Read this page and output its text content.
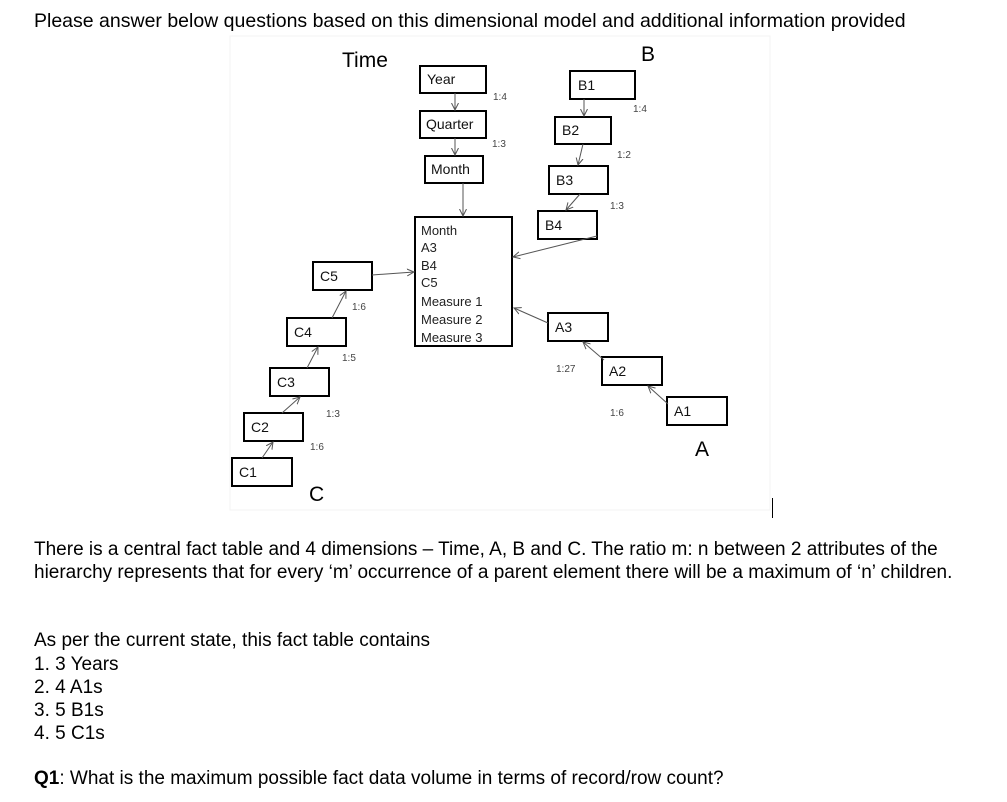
Please answer below questions based on this dimensional model and additional information provided
Time	B
A
C
Year
Quarter
Month
B1
B2
B3
B4
A3
A2
A1
C5
C4
C3
C2
C1
Month
A3
B4
C5
Measure 1
Measure 2
Measure 3
1:4
1:3
1:4
1:2
1:3
1:6
1:3
1:5
1:6
1:27
1:6

There is a central fact table and 4 dimensions – Time, A, B and C. The ratio m: n between 2 attributes of the hierarchy represents that for every ‘m’ occurrence of a parent element there will be a maximum of ‘n’ children.

As per the current state, this fact table contains

1. 3 Years
2. 4 A1s
3. 5 B1s
4. 5 C1s

Q1: What is the maximum possible fact data volume in terms of record/row count?
